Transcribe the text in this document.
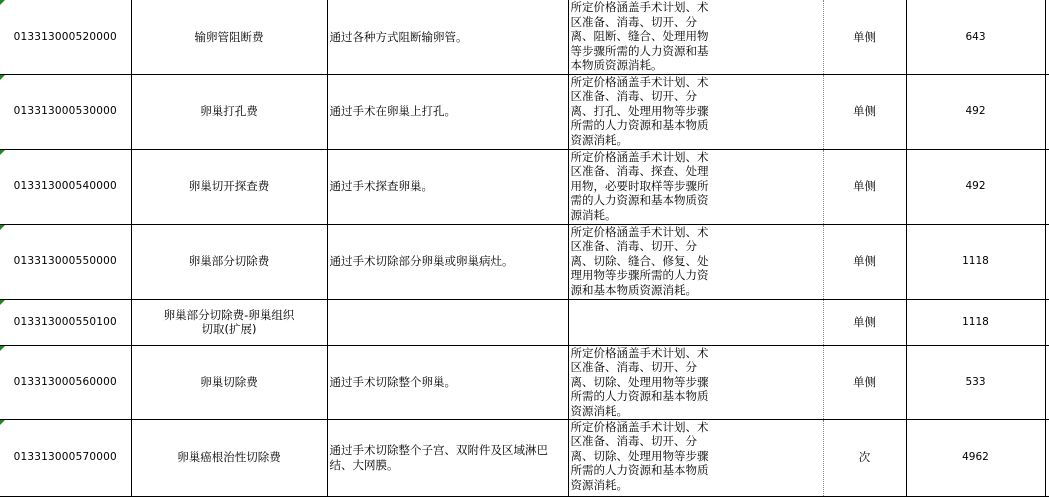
013313000520000	输卵管阻断费	通过各种方式阻断输卵管。	所定价格涵盖手术计划、术区准备、消毒、切开、分离、阻断、缝合、处理用物等步骤所需的人力资源和基本物质资源消耗。	单侧	643	

013313000530000	卵巢打孔费	通过手术在卵巢上打孔。	所定价格涵盖手术计划、术区准备、消毒、切开、分离、打孔、处理用物等步骤所需的人力资源和基本物质资源消耗。	单侧	492	

013313000540000	卵巢切开探查费	通过手术探查卵巢。	所定价格涵盖手术计划、术区准备、消毒、探查、处理用物，必要时取样等步骤所需的人力资源和基本物质资源消耗。	单侧	492	

013313000550000	卵巢部分切除费	通过手术切除部分卵巢或卵巢病灶。	所定价格涵盖手术计划、术区准备、消毒、切开、分离、切除、缝合、修复、处理用物等步骤所需的人力资源和基本物质资源消耗。	单侧	1118	

013313000550100	卵巢部分切除费-卵巢组织切取(扩展)			单侧	1118	

013313000560000	卵巢切除费	通过手术切除整个卵巢。	所定价格涵盖手术计划、术区准备、消毒、切开、分离、切除、处理用物等步骤所需的人力资源和基本物质资源消耗。	单侧	533	

013313000570000	卵巢癌根治性切除费	通过手术切除整个子宫、双附件及区域淋巴结、大网膜。	所定价格涵盖手术计划、术区准备、消毒、切开、分离、切除、处理用物等步骤所需的人力资源和基本物质资源消耗。	次	4962	
